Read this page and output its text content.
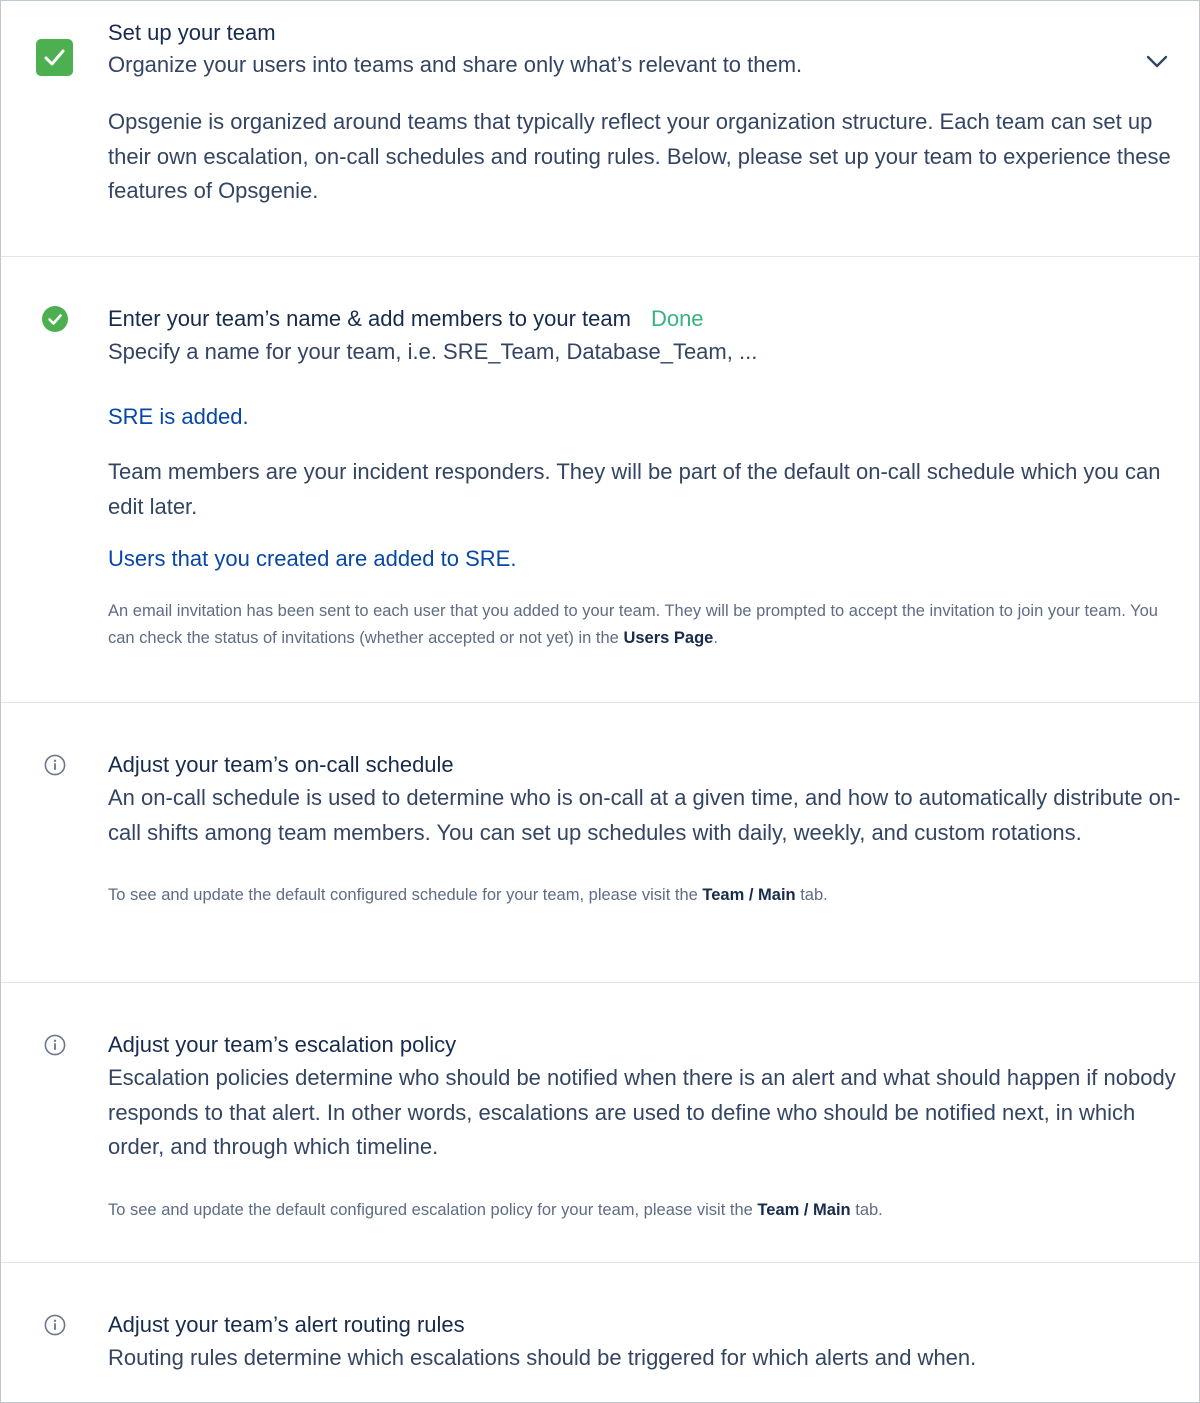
Set up your team
Organize your users into teams and share only what’s relevant to them.
Opsgenie is organized around teams that typically reflect your organization structure. Each team can set up their own escalation, on-call schedules and routing rules. Below, please set up your team to experience these features of Opsgenie.
Enter your team’s name & add members to your team Done
Specify a name for your team, i.e. SRE_Team, Database_Team, ...
SRE is added.
Team members are your incident responders. They will be part of the default on-call schedule which you can edit later.
Users that you created are added to SRE.
An email invitation has been sent to each user that you added to your team. They will be prompted to accept the invitation to join your team. You can check the status of invitations (whether accepted or not yet) in the Users Page.
Adjust your team’s on-call schedule
An on-call schedule is used to determine who is on-call at a given time, and how to automatically distribute on-call shifts among team members. You can set up schedules with daily, weekly, and custom rotations.
To see and update the default configured schedule for your team, please visit the Team / Main tab.
Adjust your team’s escalation policy
Escalation policies determine who should be notified when there is an alert and what should happen if nobody responds to that alert. In other words, escalations are used to define who should be notified next, in which order, and through which timeline.
To see and update the default configured escalation policy for your team, please visit the Team / Main tab.
Adjust your team’s alert routing rules
Routing rules determine which escalations should be triggered for which alerts and when.
